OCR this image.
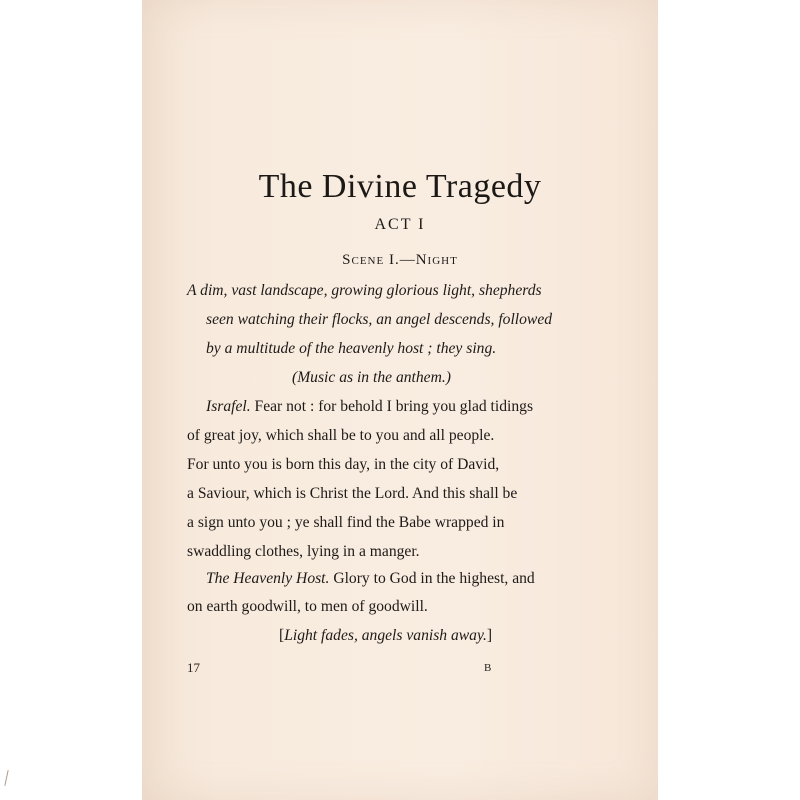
The Divine Tragedy
ACT I
Scene I.—Night
A dim, vast landscape, growing glorious light, shepherds
seen watching their flocks, an angel descends, followed
by a multitude of the heavenly host ; they sing.
(Music as in the anthem.)
Israfel. Fear not : for behold I bring you glad tidings
of great joy, which shall be to you and all people.
For unto you is born this day, in the city of David,
a Saviour, which is Christ the Lord. And this shall be
a sign unto you ; ye shall find the Babe wrapped in
swaddling clothes, lying in a manger.
The Heavenly Host. Glory to God in the highest, and
on earth goodwill, to men of goodwill.
[Light fades, angels vanish away.]
17	B
